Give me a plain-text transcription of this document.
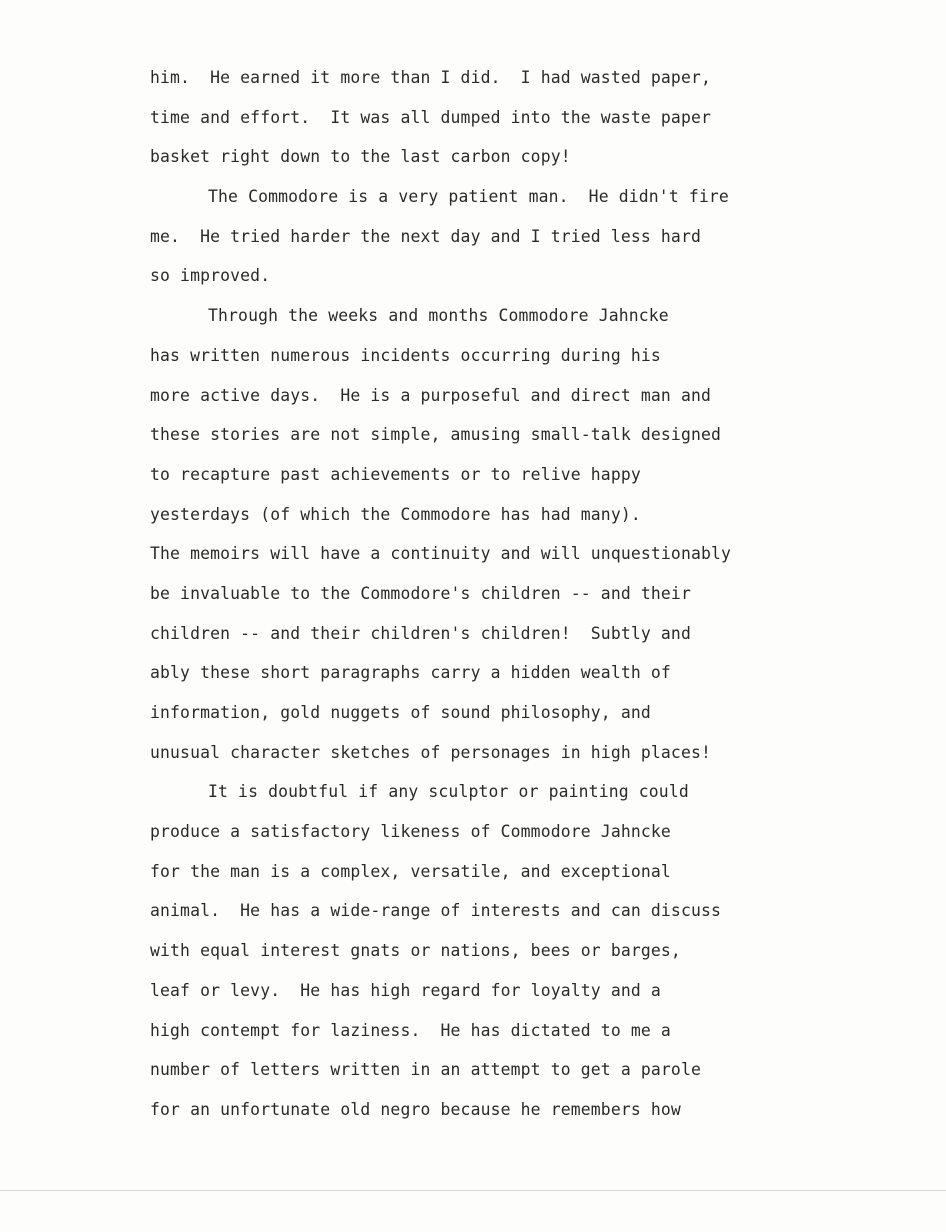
him.  He earned it more than I did.  I had wasted paper,
time and effort.  It was all dumped into the waste paper
basket right down to the last carbon copy!
The Commodore is a very patient man.  He didn't fire
me.  He tried harder the next day and I tried less hard
so improved.
Through the weeks and months Commodore Jahncke
has written numerous incidents occurring during his
more active days.  He is a purposeful and direct man and
these stories are not simple, amusing small-talk designed
to recapture past achievements or to relive happy
yesterdays (of which the Commodore has had many).
The memoirs will have a continuity and will unquestionably
be invaluable to the Commodore's children -- and their
children -- and their children's children!  Subtly and
ably these short paragraphs carry a hidden wealth of
information, gold nuggets of sound philosophy, and
unusual character sketches of personages in high places!
It is doubtful if any sculptor or painting could
produce a satisfactory likeness of Commodore Jahncke
for the man is a complex, versatile, and exceptional
animal.  He has a wide-range of interests and can discuss
with equal interest gnats or nations, bees or barges,
leaf or levy.  He has high regard for loyalty and a
high contempt for laziness.  He has dictated to me a
number of letters written in an attempt to get a parole
for an unfortunate old negro because he remembers how
